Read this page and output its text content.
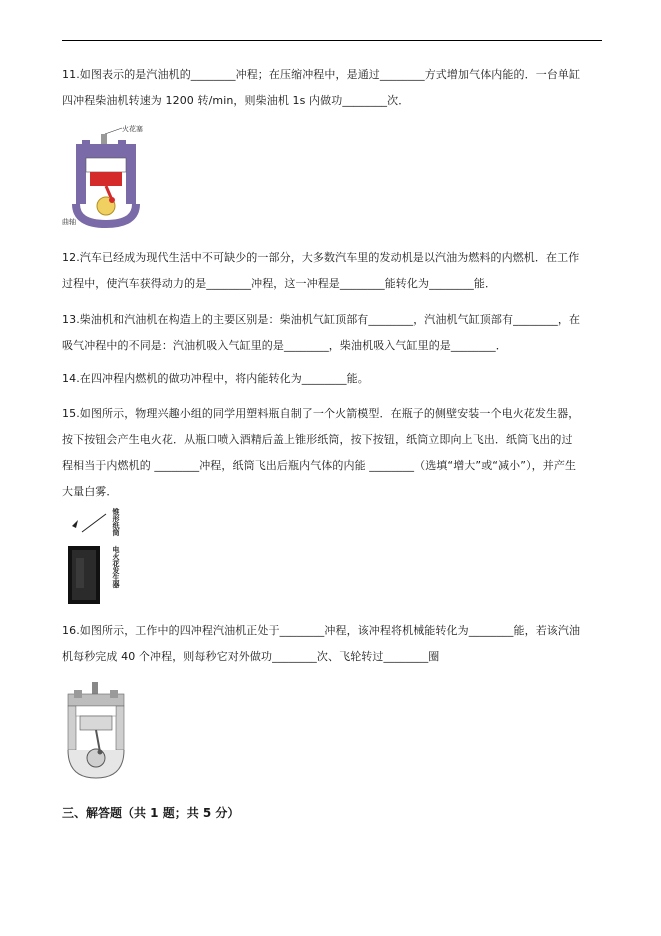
11.如图表示的是汽油机的________冲程；在压缩冲程中，是通过________方式增加气体内能的．一台单缸

四冲程柴油机转速为 1200 转/min，则柴油机 1s 内做功________次．

火花塞
曲轴

12.汽车已经成为现代生活中不可缺少的一部分，大多数汽车里的发动机是以汽油为燃料的内燃机．在工作

过程中，使汽车获得动力的是________冲程，这一冲程是________能转化为________能．

13.柴油机和汽油机在构造上的主要区别是：柴油机气缸顶部有________，汽油机气缸顶部有________，在

吸气冲程中的不同是：汽油机吸入气缸里的是________，柴油机吸入气缸里的是________．

14.在四冲程内燃机的做功冲程中，将内能转化为________能。

15.如图所示，物理兴趣小组的同学用塑料瓶自制了一个火箭模型．在瓶子的侧壁安装一个电火花发生器，

按下按钮会产生电火花．从瓶口喷入酒精后盖上锥形纸筒，按下按钮，纸筒立即向上飞出．纸筒飞出的过

程相当于内燃机的 ________冲程，纸筒飞出后瓶内气体的内能 ________（选填“增大”或“减小”），并产生

大量白雾．

锥形纸筒
电火花发生器

16.如图所示，工作中的四冲程汽油机正处于________冲程，该冲程将机械能转化为________能，若该汽油

机每秒完成 40 个冲程，则每秒它对外做功________次、飞轮转过________圈

三、解答题（共 1 题；共 5 分）
